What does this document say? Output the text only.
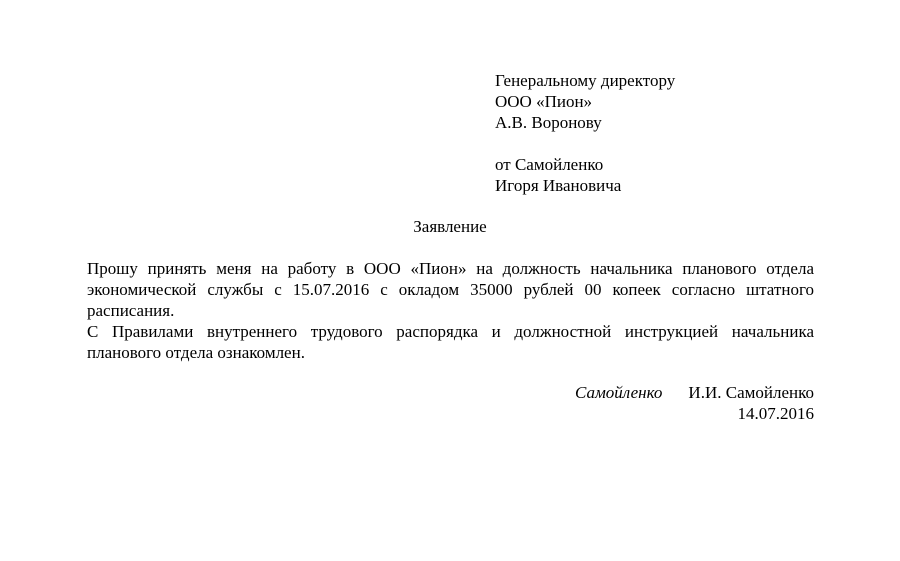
Генеральному директору
ООО «Пион»
А.В. Воронову
от Самойленко
Игоря Ивановича
Заявление

Прошу принять меня на работу в ООО «Пион» на должность начальника планового отдела экономической службы с 15.07.2016 с окладом 35000 рублей 00 копеек согласно штатного расписания.

С Правилами внутреннего трудового распорядка и должностной инструкцией начальника планового отдела ознакомлен.

Самойленко И.И. Самойленко
14.07.2016
